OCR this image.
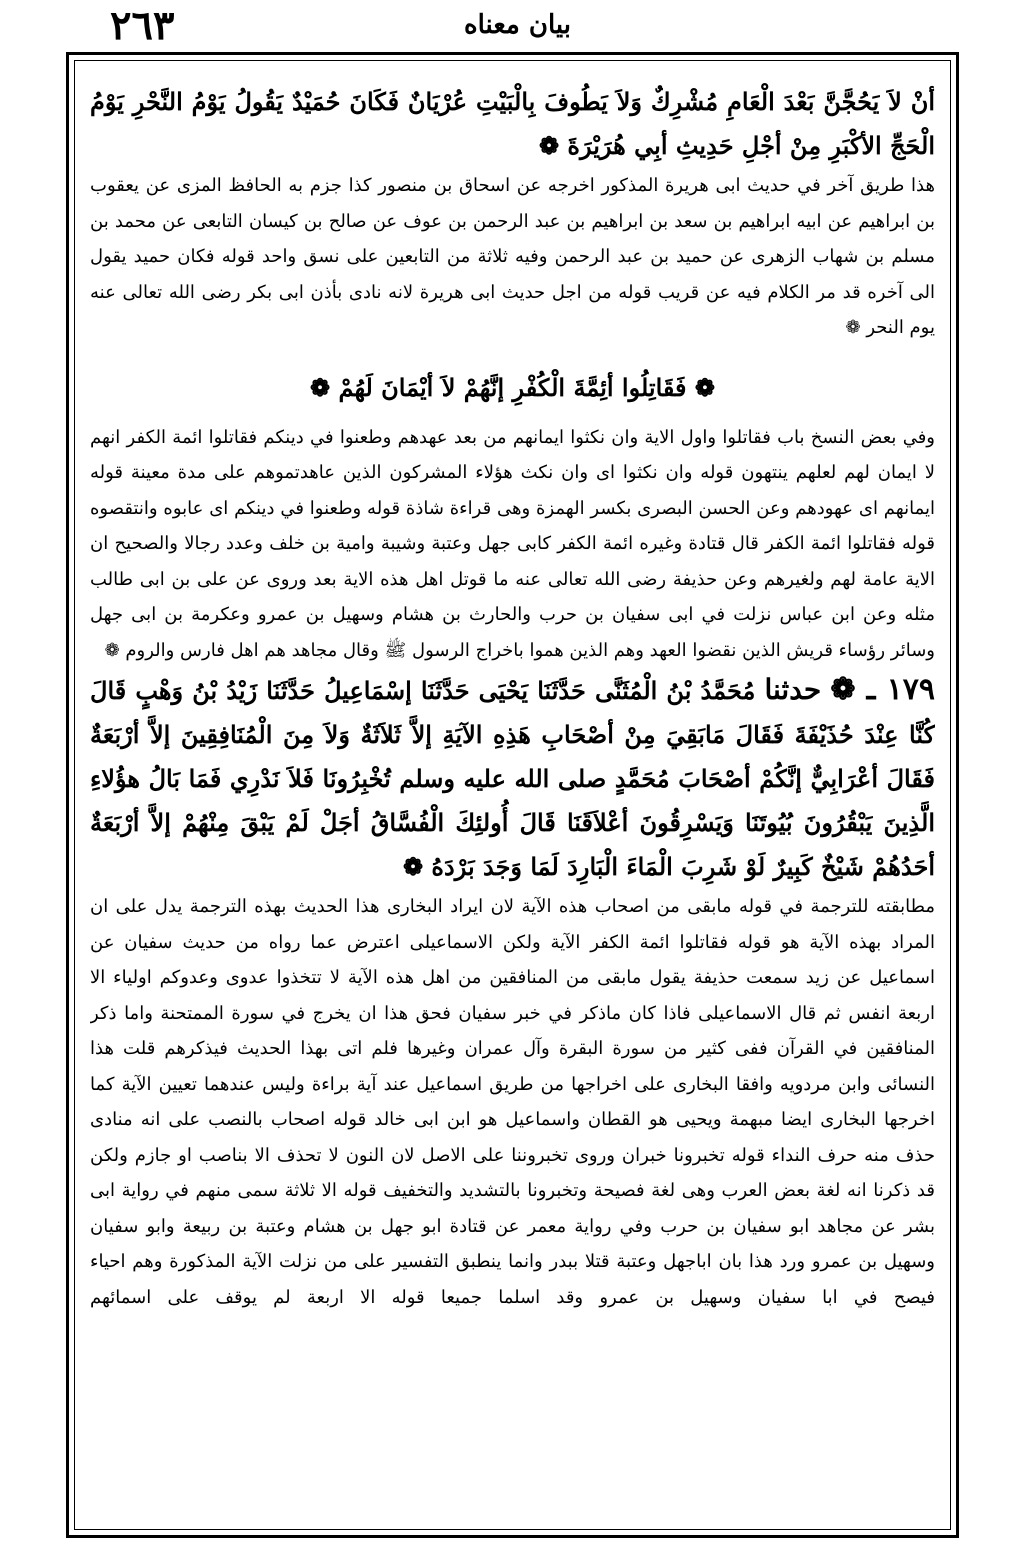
٢٦٣	بيان معناه
أنْ لاَ يَحُجَّنَّ بَعْدَ الْعَامِ مُشْرِكٌ وَلاَ يَطُوفَ بِالْبَيْتِ عُرْيَانٌ فَكَانَ حُمَيْدٌ يَقُولُ يَوْمُ النَّحْرِ يَوْمُ الْحَجِّ الأكْبَرِ مِنْ أجْلِ حَدِيثِ أبِي هُرَيْرَةَ ❁
هذا طريق آخر في حديث ابى هريرة المذكور اخرجه عن اسحاق بن منصور كذا جزم به الحافظ المزى عن يعقوب بن ابراهيم عن ابيه ابراهيم بن سعد بن ابراهيم بن عبد الرحمن بن عوف عن صالح بن كيسان التابعى عن محمد بن مسلم بن شهاب الزهرى عن حميد بن عبد الرحمن وفيه ثلاثة من التابعين على نسق واحد قوله فكان حميد يقول الى آخره قد مر الكلام فيه عن قريب قوله من اجل حديث ابى هريرة لانه نادى بأذن ابى بكر رضى الله تعالى عنه يوم النحر ❁
❁ فَقَاتِلُوا أئِمَّةَ الْكُفْرِ إنَّهُمْ لاَ أيْمَانَ لَهُمْ ❁
وفي بعض النسخ باب فقاتلوا واول الاية وان نكثوا ايمانهم من بعد عهدهم وطعنوا في دينكم فقاتلوا ائمة الكفر انهم لا ايمان لهم لعلهم ينتهون قوله وان نكثوا اى وان نكث هؤلاء المشركون الذين عاهدتموهم على مدة معينة قوله ايمانهم اى عهودهم وعن الحسن البصرى بكسر الهمزة وهى قراءة شاذة قوله وطعنوا في دينكم اى عابوه وانتقصوه قوله فقاتلوا ائمة الكفر قال قتادة وغيره ائمة الكفر كابى جهل وعتبة وشيبة وامية بن خلف وعدد رجالا والصحيح ان الاية عامة لهم ولغيرهم وعن حذيفة رضى الله تعالى عنه ما قوتل اهل هذه الاية بعد وروى عن على بن ابى طالب مثله وعن ابن عباس نزلت في ابى سفيان بن حرب والحارث بن هشام وسهيل بن عمرو وعكرمة بن ابى جهل وسائر رؤساء قريش الذين نقضوا العهد وهم الذين هموا باخراج الرسول ﷺ وقال مجاهد هم اهل فارس والروم ❁
١٧٩ ـ ❁ حدثنا مُحَمَّدُ بْنُ الْمُثَنَّى حَدَّثَنَا يَحْيَى حَدَّثَنَا إسْمَاعِيلُ حَدَّثَنَا زَيْدُ بْنُ وَهْبٍ قَالَ كُنَّا عِنْدَ حُذَيْفَةَ فَقَالَ مَابَقِيَ مِنْ أصْحَابِ هَذِهِ الآيَةِ إلاَّ ثَلاَثَةٌ وَلاَ مِنَ الْمُنَافِقِينَ إلاَّ أرْبَعَةٌ فَقَالَ أعْرَابِيٌّ إنَّكُمْ أصْحَابَ مُحَمَّدٍ صلى الله عليه وسلم تُخْبِرُونَا فَلاَ نَدْرِي فَمَا بَالُ هؤُلاءِ الَّذِينَ يَبْقُرُونَ بُيُوتَنَا وَيَسْرِقُونَ أعْلاَقَنَا قَالَ أُولئِكَ الْفُسَّاقُ أجَلْ لَمْ يَبْقَ مِنْهُمْ إلاَّ أرْبَعَةٌ أحَدُهُمْ شَيْخٌ كَبِيرٌ لَوْ شَرِبَ الْمَاءَ الْبَارِدَ لَمَا وَجَدَ بَرْدَهُ ❁
مطابقته للترجمة في قوله مابقى من اصحاب هذه الآية لان ايراد البخارى هذا الحديث بهذه الترجمة يدل على ان المراد بهذه الآية هو قوله فقاتلوا ائمة الكفر الآية ولكن الاسماعيلى اعترض عما رواه من حديث سفيان عن اسماعيل عن زيد سمعت حذيفة يقول مابقى من المنافقين من اهل هذه الآية لا تتخذوا عدوى وعدوكم اولياء الا اربعة انفس ثم قال الاسماعيلى فاذا كان ماذكر في خبر سفيان فحق هذا ان يخرج في سورة الممتحنة واما ذكر المنافقين في القرآن ففى كثير من سورة البقرة وآل عمران وغيرها فلم اتى بهذا الحديث فيذكرهم قلت هذا النسائى وابن مردويه وافقا البخارى على اخراجها من طريق اسماعيل عند آية براءة وليس عندهما تعيين الآية كما اخرجها البخارى ايضا مبهمة ويحيى هو القطان واسماعيل هو ابن ابى خالد قوله اصحاب بالنصب على انه منادى حذف منه حرف النداء قوله تخبرونا خبران وروى تخبروننا على الاصل لان النون لا تحذف الا بناصب او جازم ولكن قد ذكرنا انه لغة بعض العرب وهى لغة فصيحة وتخبرونا بالتشديد والتخفيف قوله الا ثلاثة سمى منهم في رواية ابى بشر عن مجاهد ابو سفيان بن حرب وفي رواية معمر عن قتادة ابو جهل بن هشام وعتبة بن ربيعة وابو سفيان وسهيل بن عمرو ورد هذا بان اباجهل وعتبة قتلا ببدر وانما ينطبق التفسير على من نزلت الآية المذكورة وهم احياء فيصح في ابا سفيان وسهيل بن عمرو وقد اسلما جميعا قوله الا اربعة لم يوقف على اسمائهم
